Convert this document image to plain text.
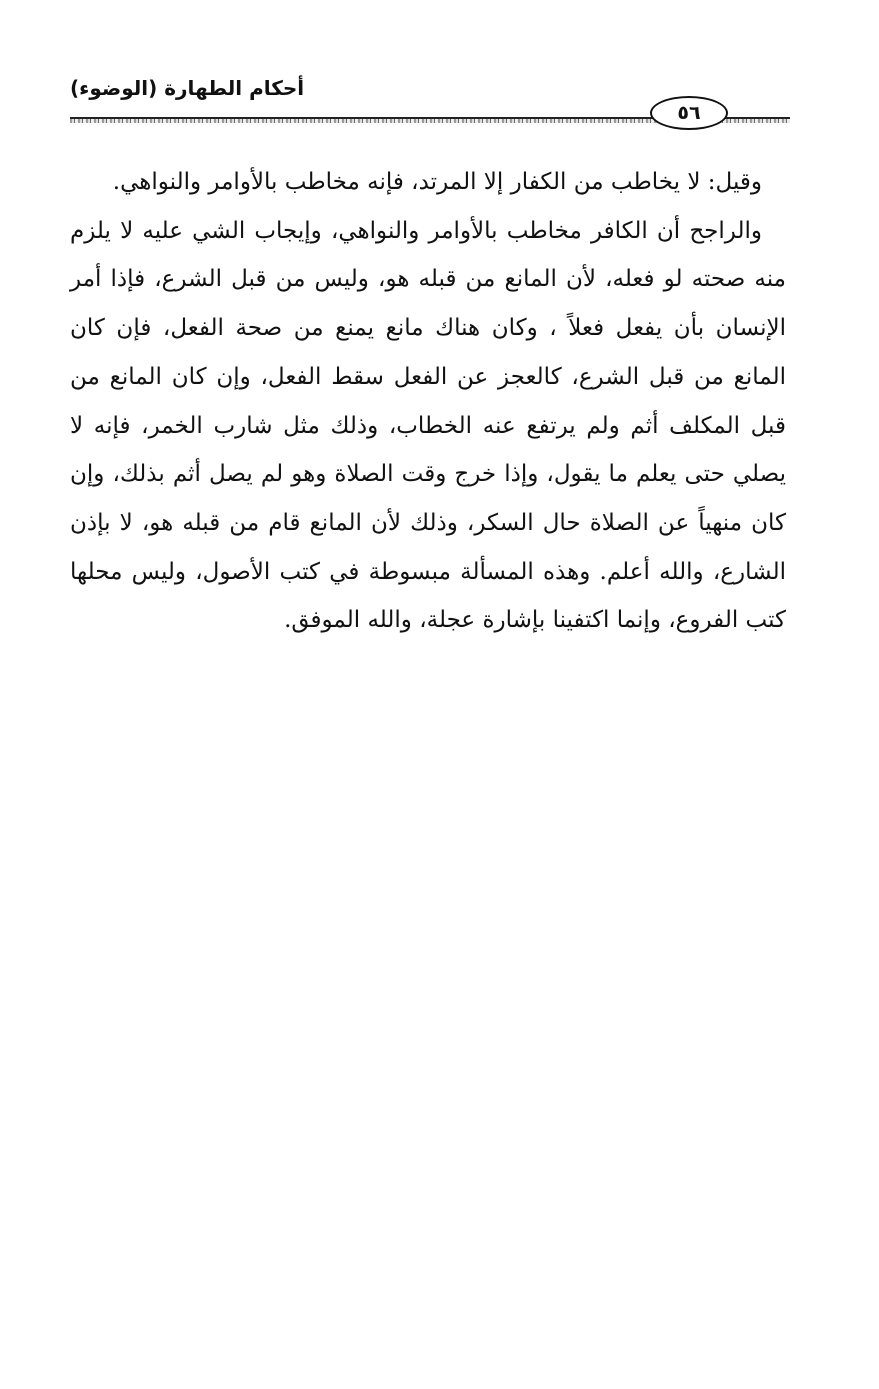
أحكام الطهارة (الوضوء)
٥٦

وقيل: لا يخاطب من الكفار إلا المرتد، فإنه مخاطب بالأوامر والنواهي.

والراجح أن الكافر مخاطب بالأوامر والنواهي، وإيجاب الشي عليه لا يلزم منه صحته لو فعله، لأن المانع من قبله هو، وليس من قبل الشرع، فإذا أمر الإنسان بأن يفعل فعلاً ، وكان هناك مانع يمنع من صحة الفعل، فإن كان المانع من قبل الشرع، كالعجز عن الفعل سقط الفعل، وإن كان المانع من قبل المكلف أثم ولم يرتفع عنه الخطاب، وذلك مثل شارب الخمر، فإنه لا يصلي حتى يعلم ما يقول، وإذا خرج وقت الصلاة وهو لم يصل أثم بذلك، وإن كان منهياً عن الصلاة حال السكر، وذلك لأن المانع قام من قبله هو، لا بإذن الشارع، والله أعلم. وهذه المسألة مبسوطة في كتب الأصول، وليس محلها كتب الفروع، وإنما اكتفينا بإشارة عجلة، والله الموفق.
